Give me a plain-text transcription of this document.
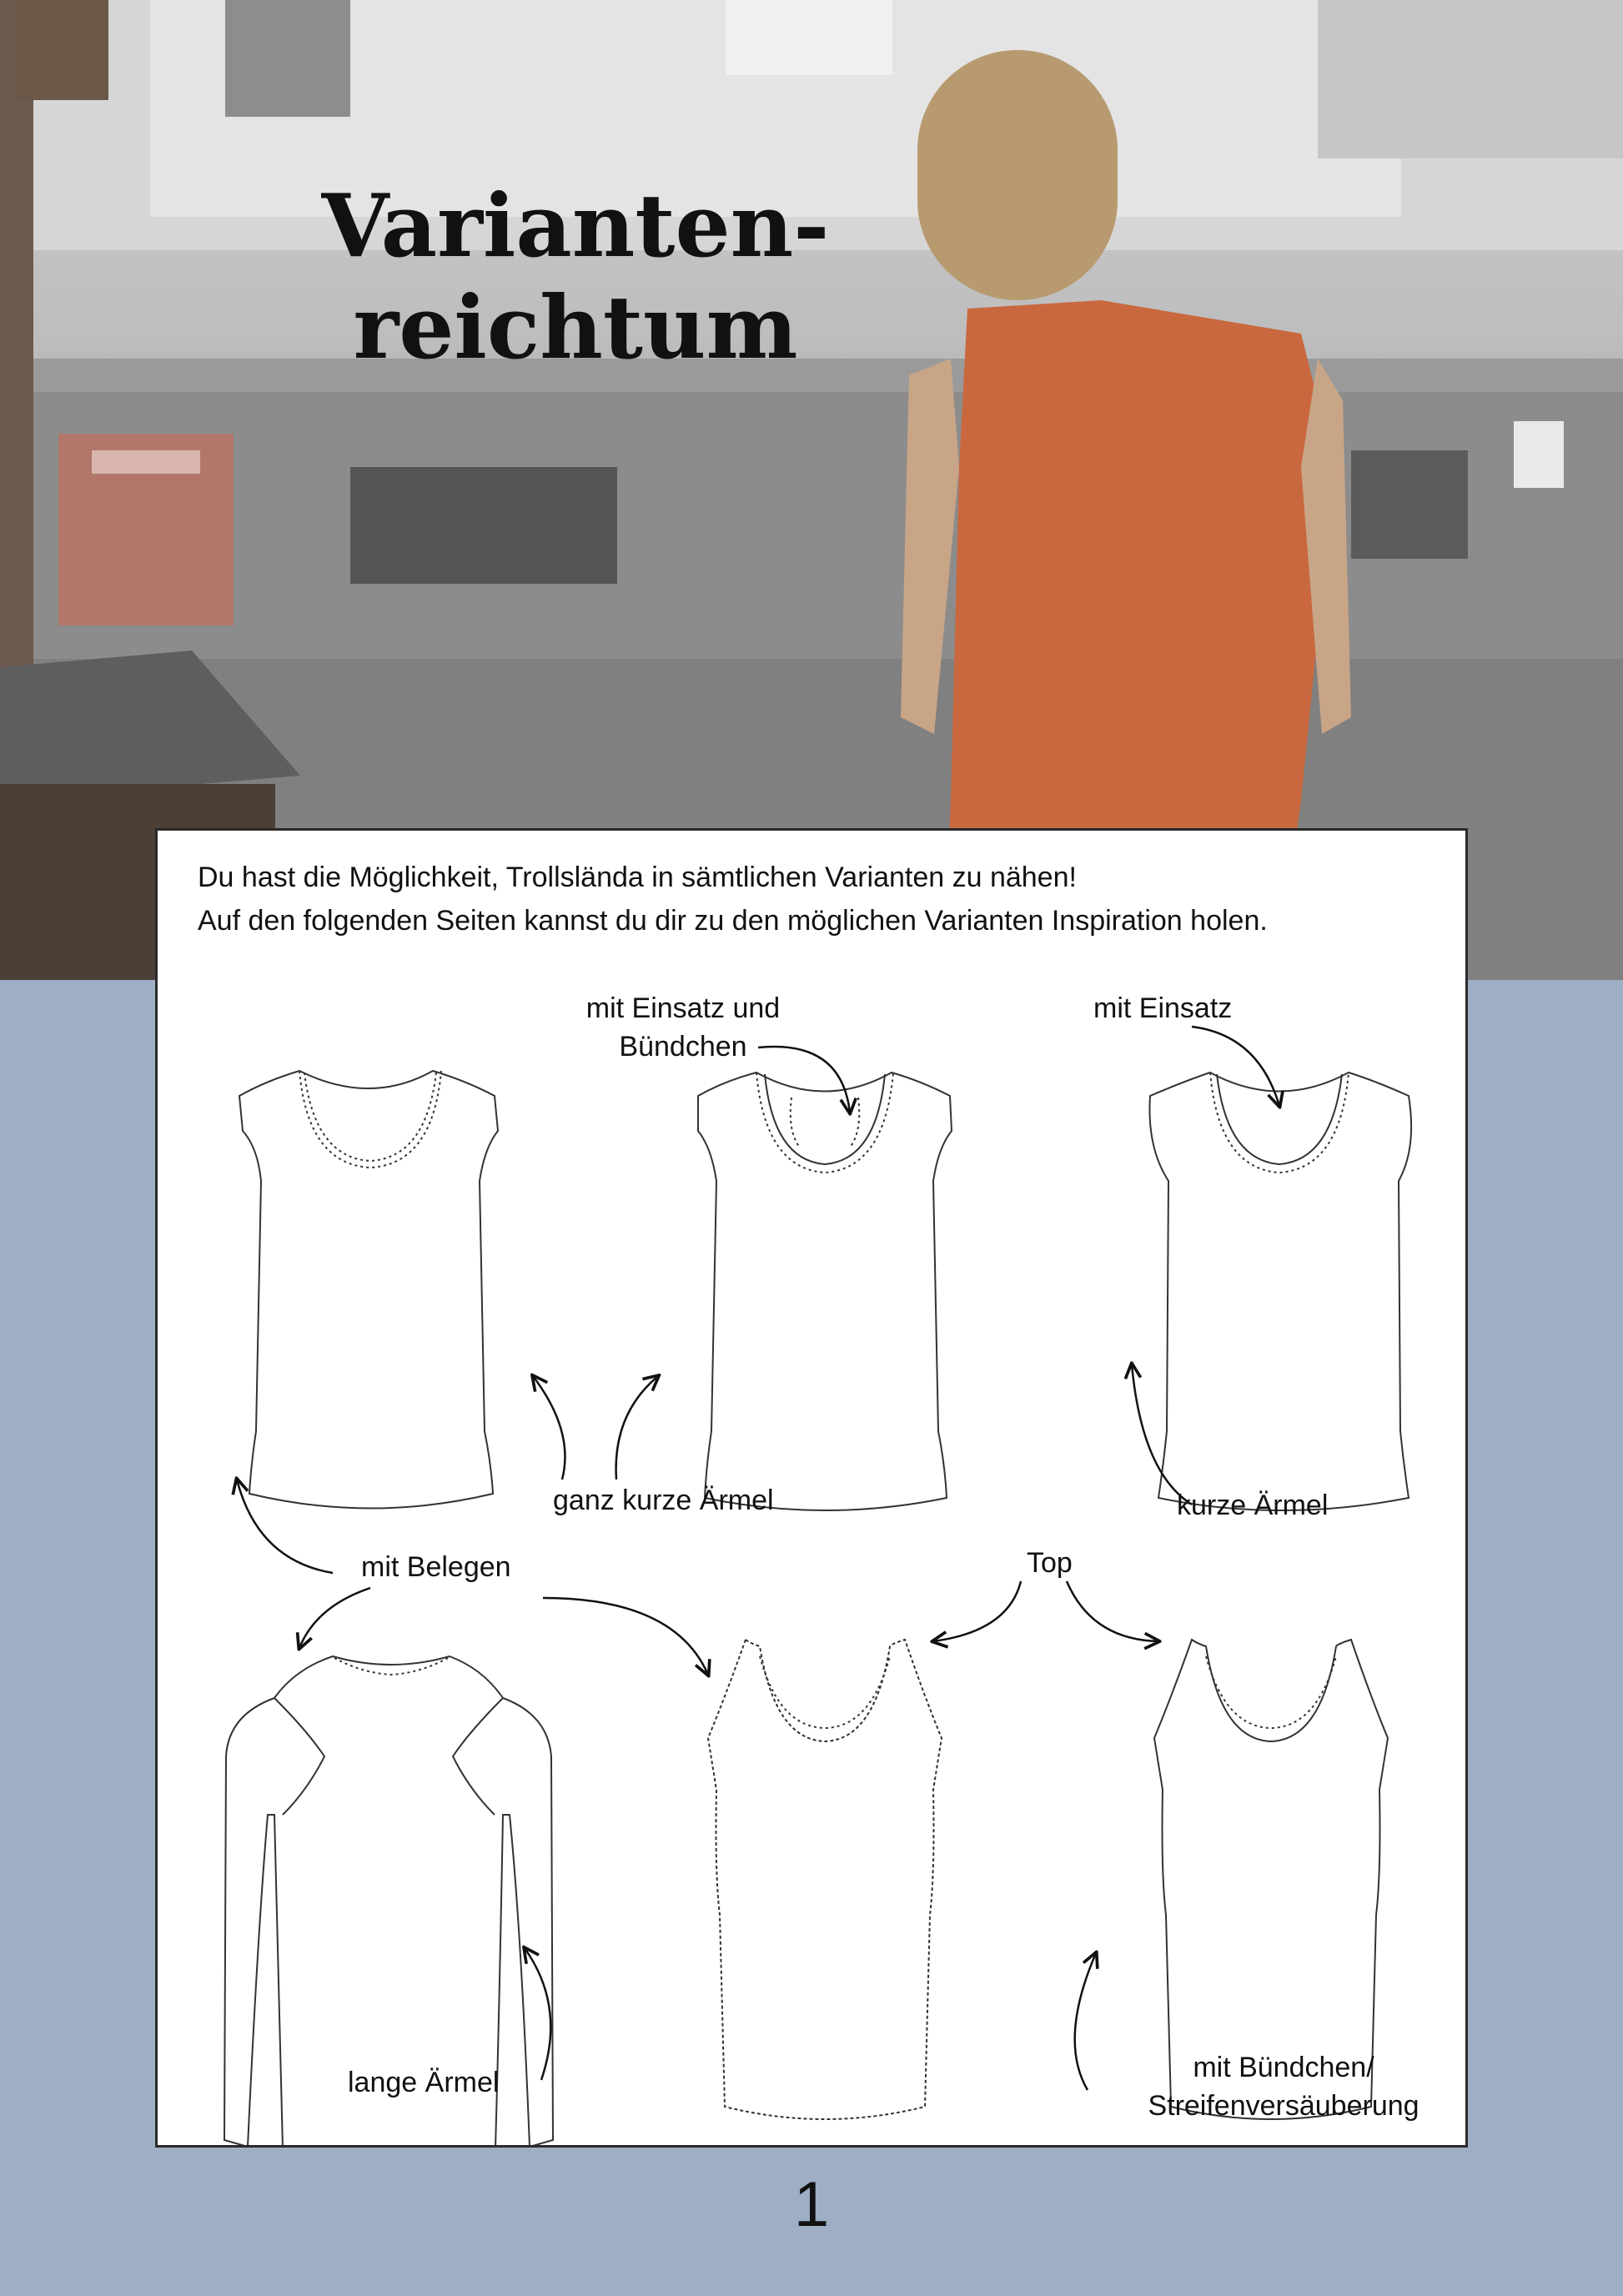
Varianten-
reichtum

Du hast die Möglichkeit, Trollslända in sämtlichen Varianten zu nähen!
Auf den folgenden Seiten kannst du dir zu den möglichen Varianten Inspiration holen.

mit Einsatz und
Bündchen
mit Einsatz
ganz kurze Ärmel	kurze Ärmel
mit Belegen	Top
lange Ärmel	mit Bündchen/
Streifenversäuberung
1
